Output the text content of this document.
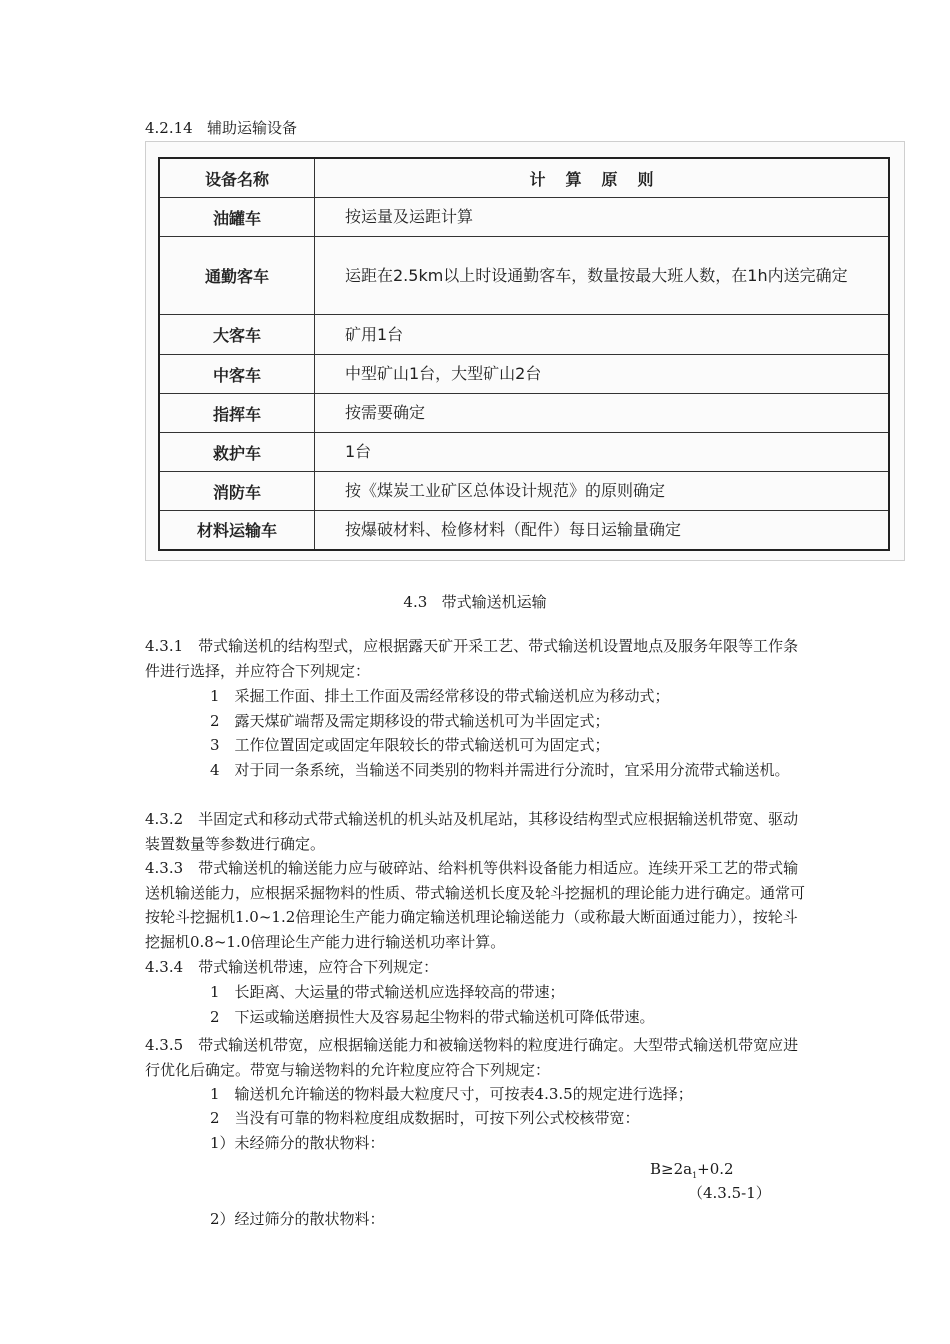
4.2.14 辅助运输设备
设备名称	计算原则
油罐车	按运量及运距计算
通勤客车	运距在2.5km以上时设通勤客车，数量按最大班人数，在1h内送完确定
大客车	矿用1台
中客车	中型矿山1台，大型矿山2台
指挥车	按需要确定
救护车	1台
消防车	按《煤炭工业矿区总体设计规范》的原则确定
材料运输车	按爆破材料、检修材料（配件）每日运输量确定
4.3 带式输送机运输
4.3.1　带式输送机的结构型式，应根据露天矿开采工艺、带式输送机设置地点及服务年限等工作条件进行选择，并应符合下列规定：
1　采掘工作面、排土工作面及需经常移设的带式输送机应为移动式；
2　露天煤矿端帮及需定期移设的带式输送机可为半固定式；
3　工作位置固定或固定年限较长的带式输送机可为固定式；
4　对于同一条系统，当输送不同类别的物料并需进行分流时，宜采用分流带式输送机。
4.3.2　半固定式和移动式带式输送机的机头站及机尾站，其移设结构型式应根据输送机带宽、驱动装置数量等参数进行确定。
4.3.3　带式输送机的输送能力应与破碎站、给料机等供料设备能力相适应。连续开采工艺的带式输送机输送能力，应根据采掘物料的性质、带式输送机长度及轮斗挖掘机的理论能力进行确定。通常可按轮斗挖掘机1.0~1.2倍理论生产能力确定输送机理论输送能力（或称最大断面通过能力），按轮斗挖掘机0.8~1.0倍理论生产能力进行输送机功率计算。
4.3.4　带式输送机带速，应符合下列规定：
1　长距离、大运量的带式输送机应选择较高的带速；
2　下运或输送磨损性大及容易起尘物料的带式输送机可降低带速。
4.3.5　带式输送机带宽，应根据输送能力和被输送物料的粒度进行确定。大型带式输送机带宽应进行优化后确定。带宽与输送物料的允许粒度应符合下列规定：
1　输送机允许输送的物料最大粒度尺寸，可按表4.3.5的规定进行选择；
2　当没有可靠的物料粒度组成数据时，可按下列公式校核带宽：
1）未经筛分的散状物料：
$B\ge 2a_1+0.2$
（4.3.5-1）
2）经过筛分的散状物料：
